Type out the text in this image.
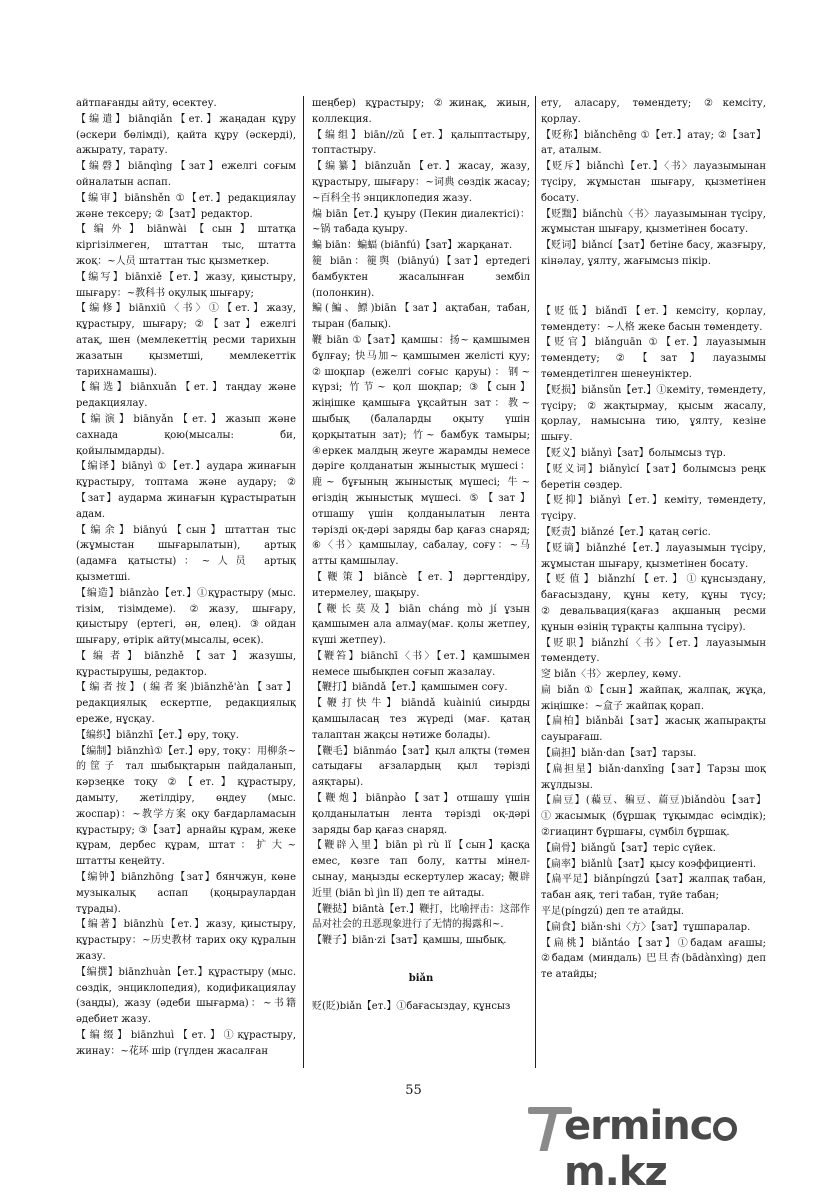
айтпағанды айту, өсектеу.

【编遣】biānqiǎn【ет.】жаңадан құру (әскери бөлімді), қайта құру (әскерді), ажырату, тарату.

【编磬】biānqìng【зат】ежелгі соғым ойналатын аспап.

【编审】biānshěn ①【ет.】редакциялау және тексеру; ②【зат】редактор.

【编外】biānwài【сын】штатқа кіргізілмеген, штаттан тыс, штатта жоқ：~人员 штаттан тыс қызметкер.

【编写】biānxiě【ет.】жазу, қиыстыру, шығару：~教科书 оқулық шығару;

【编修】biānxiū〈书〉①【ет.】жазу, құрастыру, шығару; ②【зат】ежелгі атақ, шен (мемлекеттің ресми тарихын жазатын қызметші, мемлекеттік тарихнамашы).

【编选】biānxuǎn【ет.】таңдау және редакциялау.

【编演】biānyǎn【ет.】жазып және сахнада қою(мысалы: би, қойылымдарды).

【编译】biānyì ①【ет.】аудара жинағын құрастыру, топтама және аудару; ②【зат】аударма жинағын құрастыратын адам.

【编余】biānyú【сын】штаттан тыс (жұмыстан шығарылатын), артық (адамға қатысты)：~人员 артық қызметші.

【编造】biānzào【ет.】①құрастыру (мыс. тізім, тізімдеме). ②жазу, шығару, қиыстыру (ертегі, ән, өлең). ③ойдан шығару, өтірік айту(мысалы, өсек).

【编者】biānzhě【зат】жазушы, құрастырушы, редактор.

【编者按】(编者案)biānzhě'àn【зат】редакциялық ескертпе, редакциялық ереже, нұсқау.

【编织】biānzhī【ет.】өру, тоқу.

【编制】biānzhì①【ет.】өру, тоқу：用柳条~的筐子 тал шыбықтарын пайдаланып, кәрзеңке тоқу ②【ет.】құрастыру, дамыту, жетілдіру, өңдеу (мыс. жоспар)：~教学方案 оқу бағдарламасын құрастыру; ③【зат】арнайы құрам, жеке құрам, дербес құрам, штат：扩大~ штатты кеңейту.

【编钟】biānzhōng【зат】бянчжун, көне музыкалық аспап (қоңыраулардан тұрады).

【编著】biānzhù【ет.】жазу, қиыстыру, құрастыру：~历史教材 тарих оқу құралын жазу.

【编撰】biānzhuàn【ет.】құрастыру (мыс. сөздік, энциклопедия), кодификациялау (заңды), жазу (әдеби шығарма)：~书籍 әдебиет жазу.

【编缀】biānzhuì【ет.】①құрастыру, жинау：~花环 шір (гүлден жасалған

шеңбер) құрастыру; ②жинақ, жиын, коллекция.

【编组】biān//zǔ【ет.】қалыптастыру, топтастыру.

【编纂】biānzuǎn【ет.】жасау, жазу, құрастыру, шығару：~词典 сөздік жасау; ~百科全书 энциклопедия жазу.

煸 biān【ет.】қуыру (Пекин диалектісі)：~锅 табада қуыру.

蝙 biān：蝙蝠 (biānfú)【зат】жарқанат.

箯 biān：箯舆 (biānyú)【зат】ертедегі бамбуктен жасалынған зембіл (полонкин).

鳊(鯿、鰾)biān【зат】ақтабан, табан, тыран (балық).

鞭 biān ①【зат】қамшы：扬~ қамшымен бұлғау; 快马加~ қамшымен желісті қуу; ②шоқпар (ежелгі соғыс қаруы)：钢~ күрзі; 竹节~ қол шоқпар; ③【сын】жіңішке қамшыға ұқсайтын зат：教~ шыбық (балаларды оқыту үшін қорқытатын зат); 竹~ бамбук тамыры; ④еркек малдың жеуге жарамды немесе дәріге қолданатын жыныстық мүшесі：鹿~ бұғының жыныстық мүшесі; 牛~ өгіздің жыныстық мүшесі. ⑤【зат】отшашу үшін қолданылатын лента тәрізді оқ-дәрі заряды бар қағаз снаряд; ⑥〈书〉қамшылау, сабалау, соғу：~马 атты қамшылау.

【鞭策】biāncè【ет.】дәргтендіру, итермелеу, шақыру.

【鞭长莫及】biān cháng mò jí ұзын қамшымен ала алмау(мағ. қолы жетпеу, күші жетпеу).

【鞭笞】biānchī〈书〉【ет.】қамшымен немесе шыбықпен соғып жазалау.

【鞭打】biāndǎ【ет.】қамшымен соғу.

【鞭打快牛】biāndǎ kuàiniú сиырды қамшыласаң тез жүреді (мағ. қатаң талаптан жақсы нәтиже болады).

【鞭毛】biānmáo【зат】қыл алқты (төмен сатыдағы ағзалардың қыл тәрізді аяқтары).

【鞭炮】biānpào【зат】отшашу үшін қолданылатын лента тәрізді оқ-дәрі заряды бар қағаз снаряд.

【鞭辟入里】biān pì rù lǐ【сын】қасқа емес, көзге тап болу, катты мінел-сынау, маңызды ескертулер жасау; 鞭辟近里 (biān bì jìn lǐ) деп те айтады.

【鞭挞】biāntà【ет.】鞭打，比喻抨击：这部作品对社会的丑恶现象进行了无情的揭露和~.

【鞭子】biān·zi【зат】қамшы, шыбық.

biǎn

贬(貶)biǎn【ет.】①бағасыздау, құнсыз

ету, аласару, төмендету; ②кемсіту, қорлау.

【贬称】biǎnchēng ①【ет.】атау; ②【зат】ат, аталым.

【贬斥】biǎnchì【ет.】〈书〉лауазымынан түсіру, жұмыстан шығару, қызметінен босату.

【贬黜】biǎnchù〈书〉лауазымынан түсіру, жұмыстан шығару, қызметінен босату.

【贬词】biǎncí【зат】бетіне басу, жазғыру, кінәлау, ұялту, жағымсыз пікір.

【贬低】biǎndī【ет.】кемсіту, қорлау, төмендету：~人格 жеке басын төмендету.

【贬官】biǎnguān ①【ет.】лауазымын төмендету; ②【зат】лауазымы төмендетілген шенеуніктер.

【贬损】biǎnsǔn【ет.】①кеміту, төмендету, түсіру; ②жақтырмау, қысым жасалу, қорлау, намысына тию, ұялту, кезіне шығу.

【贬义】biǎnyì【зат】болымсыз түр.

【贬义词】biǎnyìcí【зат】болымсыз реңк беретін сөздер.

【贬抑】biǎnyì【ет.】кеміту, төмендету, түсіру.

【贬责】biǎnzé【ет.】қатаң сөгіс.

【贬谪】biǎnzhé【ет.】лауазымын түсіру, жұмыстан шығару, қызметінен босату.

【贬值】biǎnzhí【ет.】①құнсыздану, бағасыздану, құны кету, құны түсу; ②девальвация(қағаз ақшаның ресми құнын өзінің тұрақты қалпына түсіру).

【贬职】biǎnzhí〈书〉【ет.】лауазымын төмендету.

窆 biǎn〈书〉жерлеу, көму.

扁 biǎn ①【сын】жайпақ, жалпақ, жұқа, жіңішке：~盒子 жайпақ қорап.

【扁柏】biǎnbǎi【зат】жасық жапырақты сауырағаш.

【扁担】biǎn·dan【зат】тарзы.

【扁担星】biǎn·danxīng【зат】Тарзы шоқ жұлдызы.

【扁豆】(藊豆、稨豆、萹豆)biǎndòu【зат】①жасымық (бұршақ тұқымдас өсімдік); ②гиацинт бұршағы, сүмбіл бұршақ.

【扁骨】biǎngǔ【зат】теріс сүйек.

【扁率】biǎnlǜ【зат】қысу коэффициенті.

【扁平足】biǎnpíngzú【зат】жалпақ табан, табан аяқ, тегі табан, түйе табан;

平足(píngzú) деп те атайды.

【扁食】biǎn·shi〈方〉【зат】тұшпаралар.

【扁桃】biǎntáo【зат】①бадам ағашы; ②бадам (миндаль) 巴旦杏(bādànxìng) деп те атайды;

55
ermincm.kz
